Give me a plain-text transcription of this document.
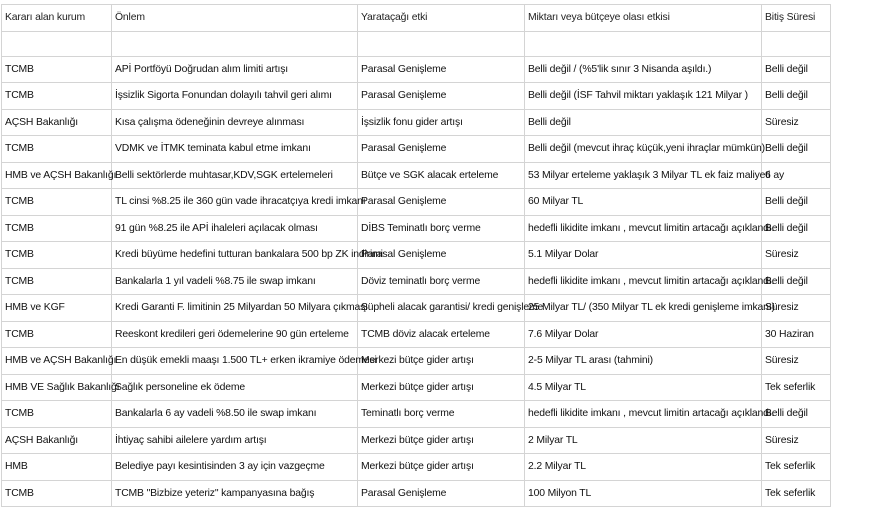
Kararı alan kurum	Önlem	Yarataçağı etki	Miktarı veya bütçeye olası etkisi	Bitiş Süresi

TCMB	APİ Portföyü Doğrudan alım limiti artışı	Parasal Genişleme	Belli değil / (%5'lik sınır 3 Nisanda aşıldı.)	Belli değil
TCMB	İşsizlik Sigorta Fonundan dolayılı tahvil geri alımı	Parasal Genişleme	Belli değil (İSF Tahvil miktarı yaklaşık 121 Milyar )	Belli değil
AÇSH Bakanlığı	Kısa çalışma ödeneğinin devreye alınması	İşsizlik fonu gider artışı	Belli değil	Süresiz
TCMB	VDMK ve İTMK teminata kabul etme imkanı	Parasal Genişleme	Belli değil (mevcut ihraç küçük,yeni ihraçlar mümkün)	Belli değil
HMB ve AÇSH Bakanlığı	Belli sektörlerde muhtasar,KDV,SGK ertelemeleri	Bütçe ve SGK alacak erteleme	53 Milyar erteleme yaklaşık 3 Milyar TL ek faiz maliyeti	6 ay
TCMB	TL cinsi %8.25 ile 360 gün vade ihracatçıya kredi imkanı	Parasal Genişleme	60 Milyar TL	Belli değil
TCMB	91 gün %8.25 ile APİ ihaleleri açılacak olması	DİBS Teminatlı borç verme	hedefli likidite imkanı , mevcut limitin artacağı açıklandı.	Belli değil
TCMB	Kredi büyüme hedefini tutturan bankalara 500 bp ZK indirimi	Parasal Genişleme	5.1 Milyar Dolar	Süresiz
TCMB	Bankalarla 1 yıl vadeli %8.75 ile swap imkanı	Döviz teminatlı borç verme	hedefli likidite imkanı , mevcut limitin artacağı açıklandı.	Belli değil
HMB ve KGF	Kredi Garanti F. limitinin 25 Milyardan 50 Milyara çıkması	Şüpheli alacak garantisi/ kredi genişleme	25 Milyar TL/ (350 Milyar TL ek kredi genişleme imkanı)	Süresiz
TCMB	Reeskont kredileri geri ödemelerine 90 gün erteleme	TCMB döviz alacak erteleme	7.6 Milyar Dolar	30 Haziran
HMB ve AÇSH Bakanlığı	En düşük emekli maaşı 1.500 TL+ erken ikramiye ödemesi	Merkezi bütçe gider artışı	2-5 Milyar TL arası (tahmini)	Süresiz
HMB VE Sağlık Bakanlığı	Sağlık personeline ek ödeme	Merkezi bütçe gider artışı	4.5 Milyar TL	Tek seferlik
TCMB	Bankalarla 6 ay vadeli %8.50 ile swap imkanı	Teminatlı borç verme	hedefli likidite imkanı , mevcut limitin artacağı açıklandı.	Belli değil
AÇSH Bakanlığı	İhtiyaç sahibi ailelere yardım artışı	Merkezi bütçe gider artışı	2 Milyar TL	Süresiz
HMB	Belediye payı kesintisinden 3 ay için vazgeçme	Merkezi bütçe gider artışı	2.2 Milyar TL	Tek seferlik
TCMB	TCMB "Bizbize yeteriz" kampanyasına bağış	Parasal Genişleme	100 Milyon TL	Tek seferlik
